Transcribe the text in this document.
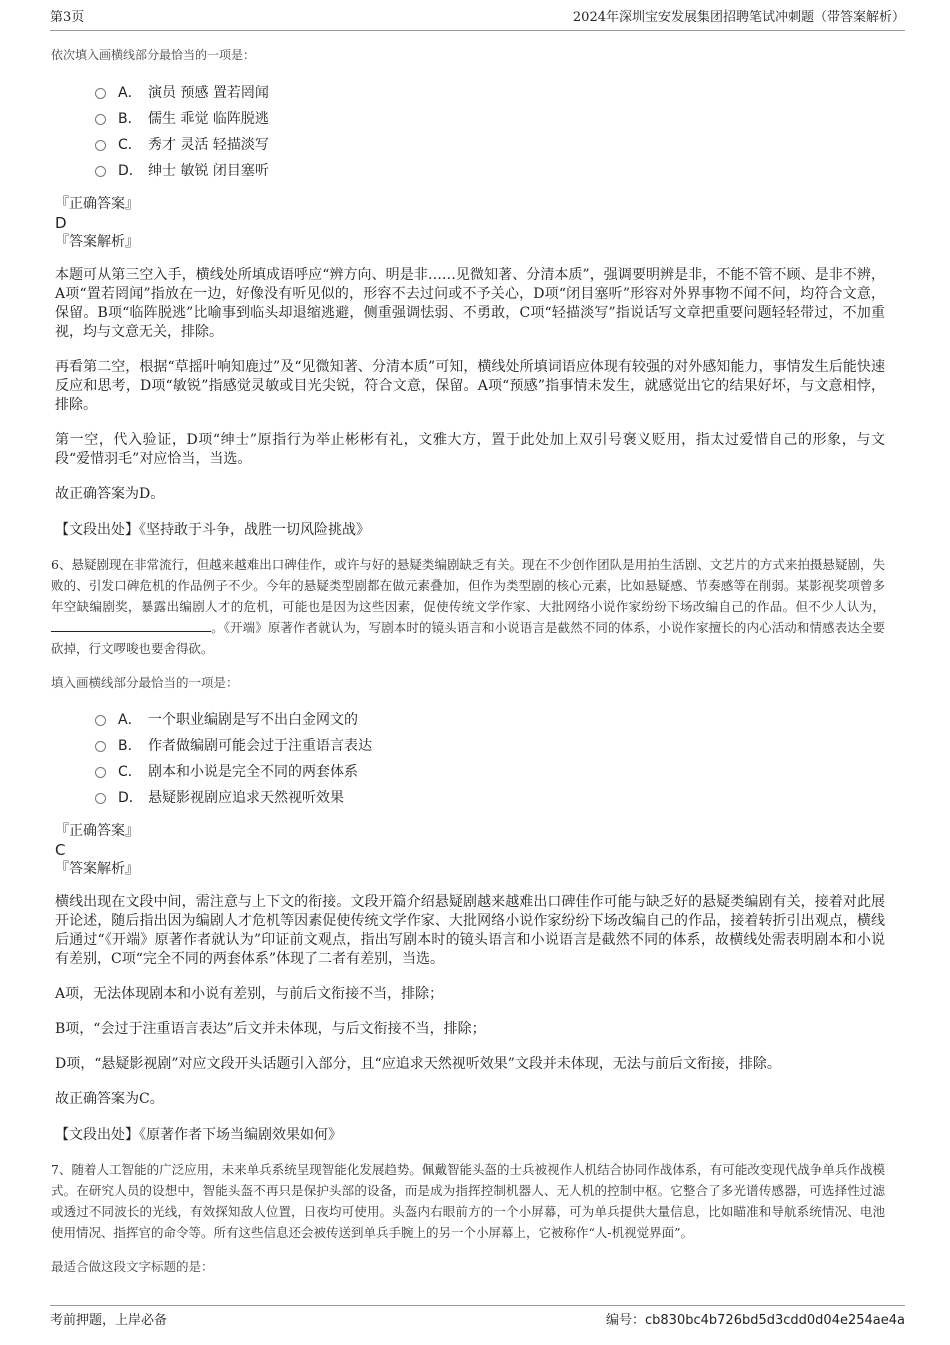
第3页	2024年深圳宝安发展集团招聘笔试冲刺题（带答案解析）
依次填入画横线部分最恰当的一项是：
A． 演员 预感 置若罔闻
B． 儒生 乖觉 临阵脱逃
C． 秀才 灵活 轻描淡写
D． 绅士 敏锐 闭目塞听
『正确答案』
D
『答案解析』

本题可从第三空入手，横线处所填成语呼应“辨方向、明是非……见微知著、分清本质”，强调要明辨是非，不能不管不顾、是非不辨，A项“置若罔闻”指放在一边，好像没有听见似的，形容不去过问或不予关心，D项“闭目塞听”形容对外界事物不闻不问，均符合文意，保留。B项“临阵脱逃”比喻事到临头却退缩逃避，侧重强调怯弱、不勇敢，C项“轻描淡写”指说话写文章把重要问题轻轻带过，不加重视，均与文意无关，排除。

再看第二空，根据“草摇叶响知鹿过”及“见微知著、分清本质”可知，横线处所填词语应体现有较强的对外感知能力，事情发生后能快速反应和思考，D项“敏锐”指感觉灵敏或目光尖锐，符合文意，保留。A项“预感”指事情未发生，就感觉出它的结果好坏，与文意相悖，排除。

第一空，代入验证，D项“绅士”原指行为举止彬彬有礼，文雅大方，置于此处加上双引号褒义贬用，指太过爱惜自己的形象，与文段“爱惜羽毛”对应恰当，当选。

故正确答案为D。

【文段出处】《坚持敢于斗争，战胜一切风险挑战》

6、悬疑剧现在非常流行，但越来越难出口碑佳作，或许与好的悬疑类编剧缺乏有关。现在不少创作团队是用拍生活剧、文艺片的方式来拍摄悬疑剧，失败的、引发口碑危机的作品例子不少。今年的悬疑类型剧都在做元素叠加，但作为类型剧的核心元素，比如悬疑感、节奏感等在削弱。某影视奖项曾多年空缺编剧奖，暴露出编剧人才的危机，可能也是因为这些因素，促使传统文学作家、大批网络小说作家纷纷下场改编自己的作品。但不少人认为，。《开端》原著作者就认为，写剧本时的镜头语言和小说语言是截然不同的体系，小说作家擅长的内心活动和情感表达全要砍掉，行文啰唆也要舍得砍。

填入画横线部分最恰当的一项是：
A． 一个职业编剧是写不出白金网文的
B． 作者做编剧可能会过于注重语言表达
C． 剧本和小说是完全不同的两套体系
D． 悬疑影视剧应追求天然视听效果
『正确答案』
C
『答案解析』

横线出现在文段中间，需注意与上下文的衔接。文段开篇介绍悬疑剧越来越难出口碑佳作可能与缺乏好的悬疑类编剧有关，接着对此展开论述，随后指出因为编剧人才危机等因素促使传统文学作家、大批网络小说作家纷纷下场改编自己的作品，接着转折引出观点，横线后通过“《开端》原著作者就认为”印证前文观点，指出写剧本时的镜头语言和小说语言是截然不同的体系，故横线处需表明剧本和小说有差别，C项“完全不同的两套体系”体现了二者有差别，当选。

A项，无法体现剧本和小说有差别，与前后文衔接不当，排除；

B项，“会过于注重语言表达”后文并未体现，与后文衔接不当，排除；

D项，“悬疑影视剧”对应文段开头话题引入部分，且“应追求天然视听效果”文段并未体现，无法与前后文衔接，排除。

故正确答案为C。

【文段出处】《原著作者下场当编剧效果如何》

7、随着人工智能的广泛应用，未来单兵系统呈现智能化发展趋势。佩戴智能头盔的士兵被视作人机结合协同作战体系，有可能改变现代战争单兵作战模式。在研究人员的设想中，智能头盔不再只是保护头部的设备，而是成为指挥控制机器人、无人机的控制中枢。它整合了多光谱传感器，可选择性过滤或透过不同波长的光线，有效探知敌人位置，日夜均可使用。头盔内右眼前方的一个小屏幕，可为单兵提供大量信息，比如瞄准和导航系统情况、电池使用情况、指挥官的命令等。所有这些信息还会被传送到单兵手腕上的另一个小屏幕上，它被称作“人-机视觉界面”。

最适合做这段文字标题的是：
考前押题，上岸必备	编号：cb830bc4b726bd5d3cdd0d04e254ae4a
